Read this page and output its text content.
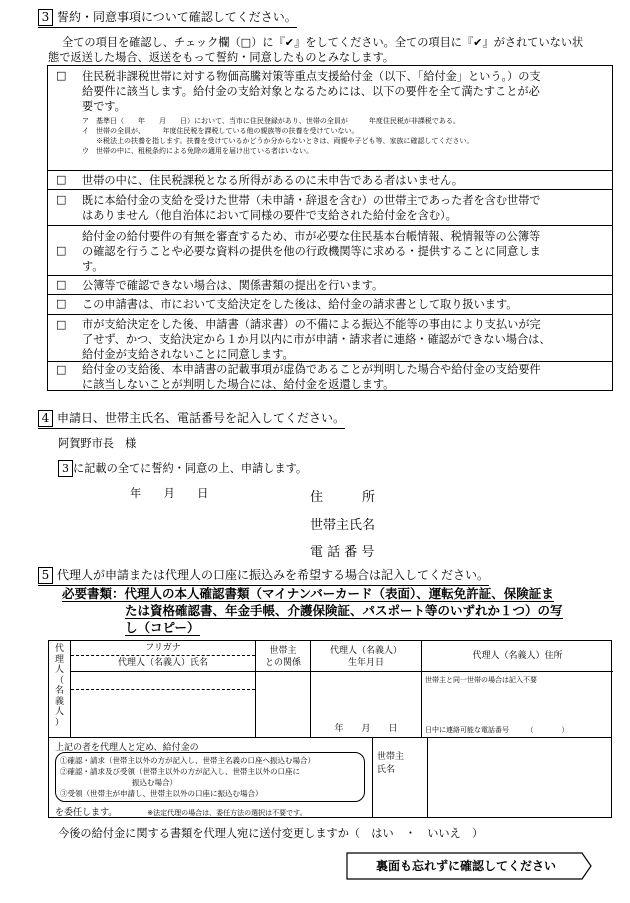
3 誓約・同意事項について確認してください。
全ての項目を確認し、チェック欄（□）に『✔』をしてください。全ての項目に『✔』がされていない状
態で返送した場合、返送をもって誓約・同意したものとみなします。
□ 住民税非課税世帯に対する物価高騰対策等重点支援給付金（以下、「給付金」という。）の支
給要件に該当します。給付金の支給対象となるためには、以下の要件を全て満たすことが必
要です。
ア　基準日（　　年　　月　　日）において、当市に住民登録があり、世帯の全員が　　　年度住民税が非課税である。
イ　世帯の全員が、　　　年度住民税を課税している他の親族等の扶養を受けていない。
　　※税法上の扶養を指します。扶養を受けているかどうか分からないときは、両親や子ども等、家族に確認してください。
ウ　世帯の中に、租税条約による免除の適用を届け出ている者はいない。
□ 世帯の中に、住民税課税となる所得があるのに未申告である者はいません。
□ 既に本給付金の支給を受けた世帯（未申請・辞退を含む）の世帯主であった者を含む世帯で
はありません（他自治体において同様の要件で支給された給付金を含む）。
□
給付金の給付要件の有無を審査するため、市が必要な住民基本台帳情報、税情報等の公簿等
の確認を行うことや必要な資料の提供を他の行政機関等に求める・提供することに同意しま
す。
□ 公簿等で確認できない場合は、関係書類の提出を行います。
□ この申請書は、市において支給決定をした後は、給付金の請求書として取り扱います。
□ 市が支給決定をした後、申請書（請求書）の不備による振込不能等の事由により支払いが完
了せず、かつ、支給決定から１か月以内に市が申請・請求者に連絡・確認ができない場合は、
給付金が支給されないことに同意します。
□ 給付金の支給後、本申請書の記載事項が虚偽であることが判明した場合や給付金の支給要件
に該当しないことが判明した場合には、給付金を返還します。
4 申請日、世帯主氏名、電話番号を記入してください。
阿賀野市長　様
3 に記載の全てに誓約・同意の上、申請します。
年　　月　　日	住　　　所
世帯主氏名
電 話 番 号
5 代理人が申請または代理人の口座に振込みを希望する場合は記入してください。
必要書類：代理人の本人確認書類（マイナンバーカード（表面）、運転免許証、保険証ま
たは資格確認書、年金手帳、介護保険証、パスポート等のいずれか１つ）の写
し（コピー）
代
理
人
（
名
義
人
）
フリガナ
代理人（名義人）氏名
世帯主
との関係
代理人（名義人）
生年月日
年　　月　　日
代理人（名義人）住所
世帯主と同一世帯の場合は記入不要
日中に連絡可能な電話番号　　　（　　　　）
上記の者を代理人と定め、給付金の
①確認・請求（世帯主以外の方が記入し、世帯主名義の口座へ振込む場合）
②確認・請求及び受領（世帯主以外の方が記入し、世帯主以外の口座に
振込む場合）
③受領（世帯主が申請し、世帯主以外の口座に振込む場合）
を委任します。	※法定代理の場合は、委任方法の選択は不要です。
世帯主
氏名
今後の給付金に関する書類を代理人宛に送付変更しますか（　はい　・　いいえ　）
裏面も忘れずに確認してください
